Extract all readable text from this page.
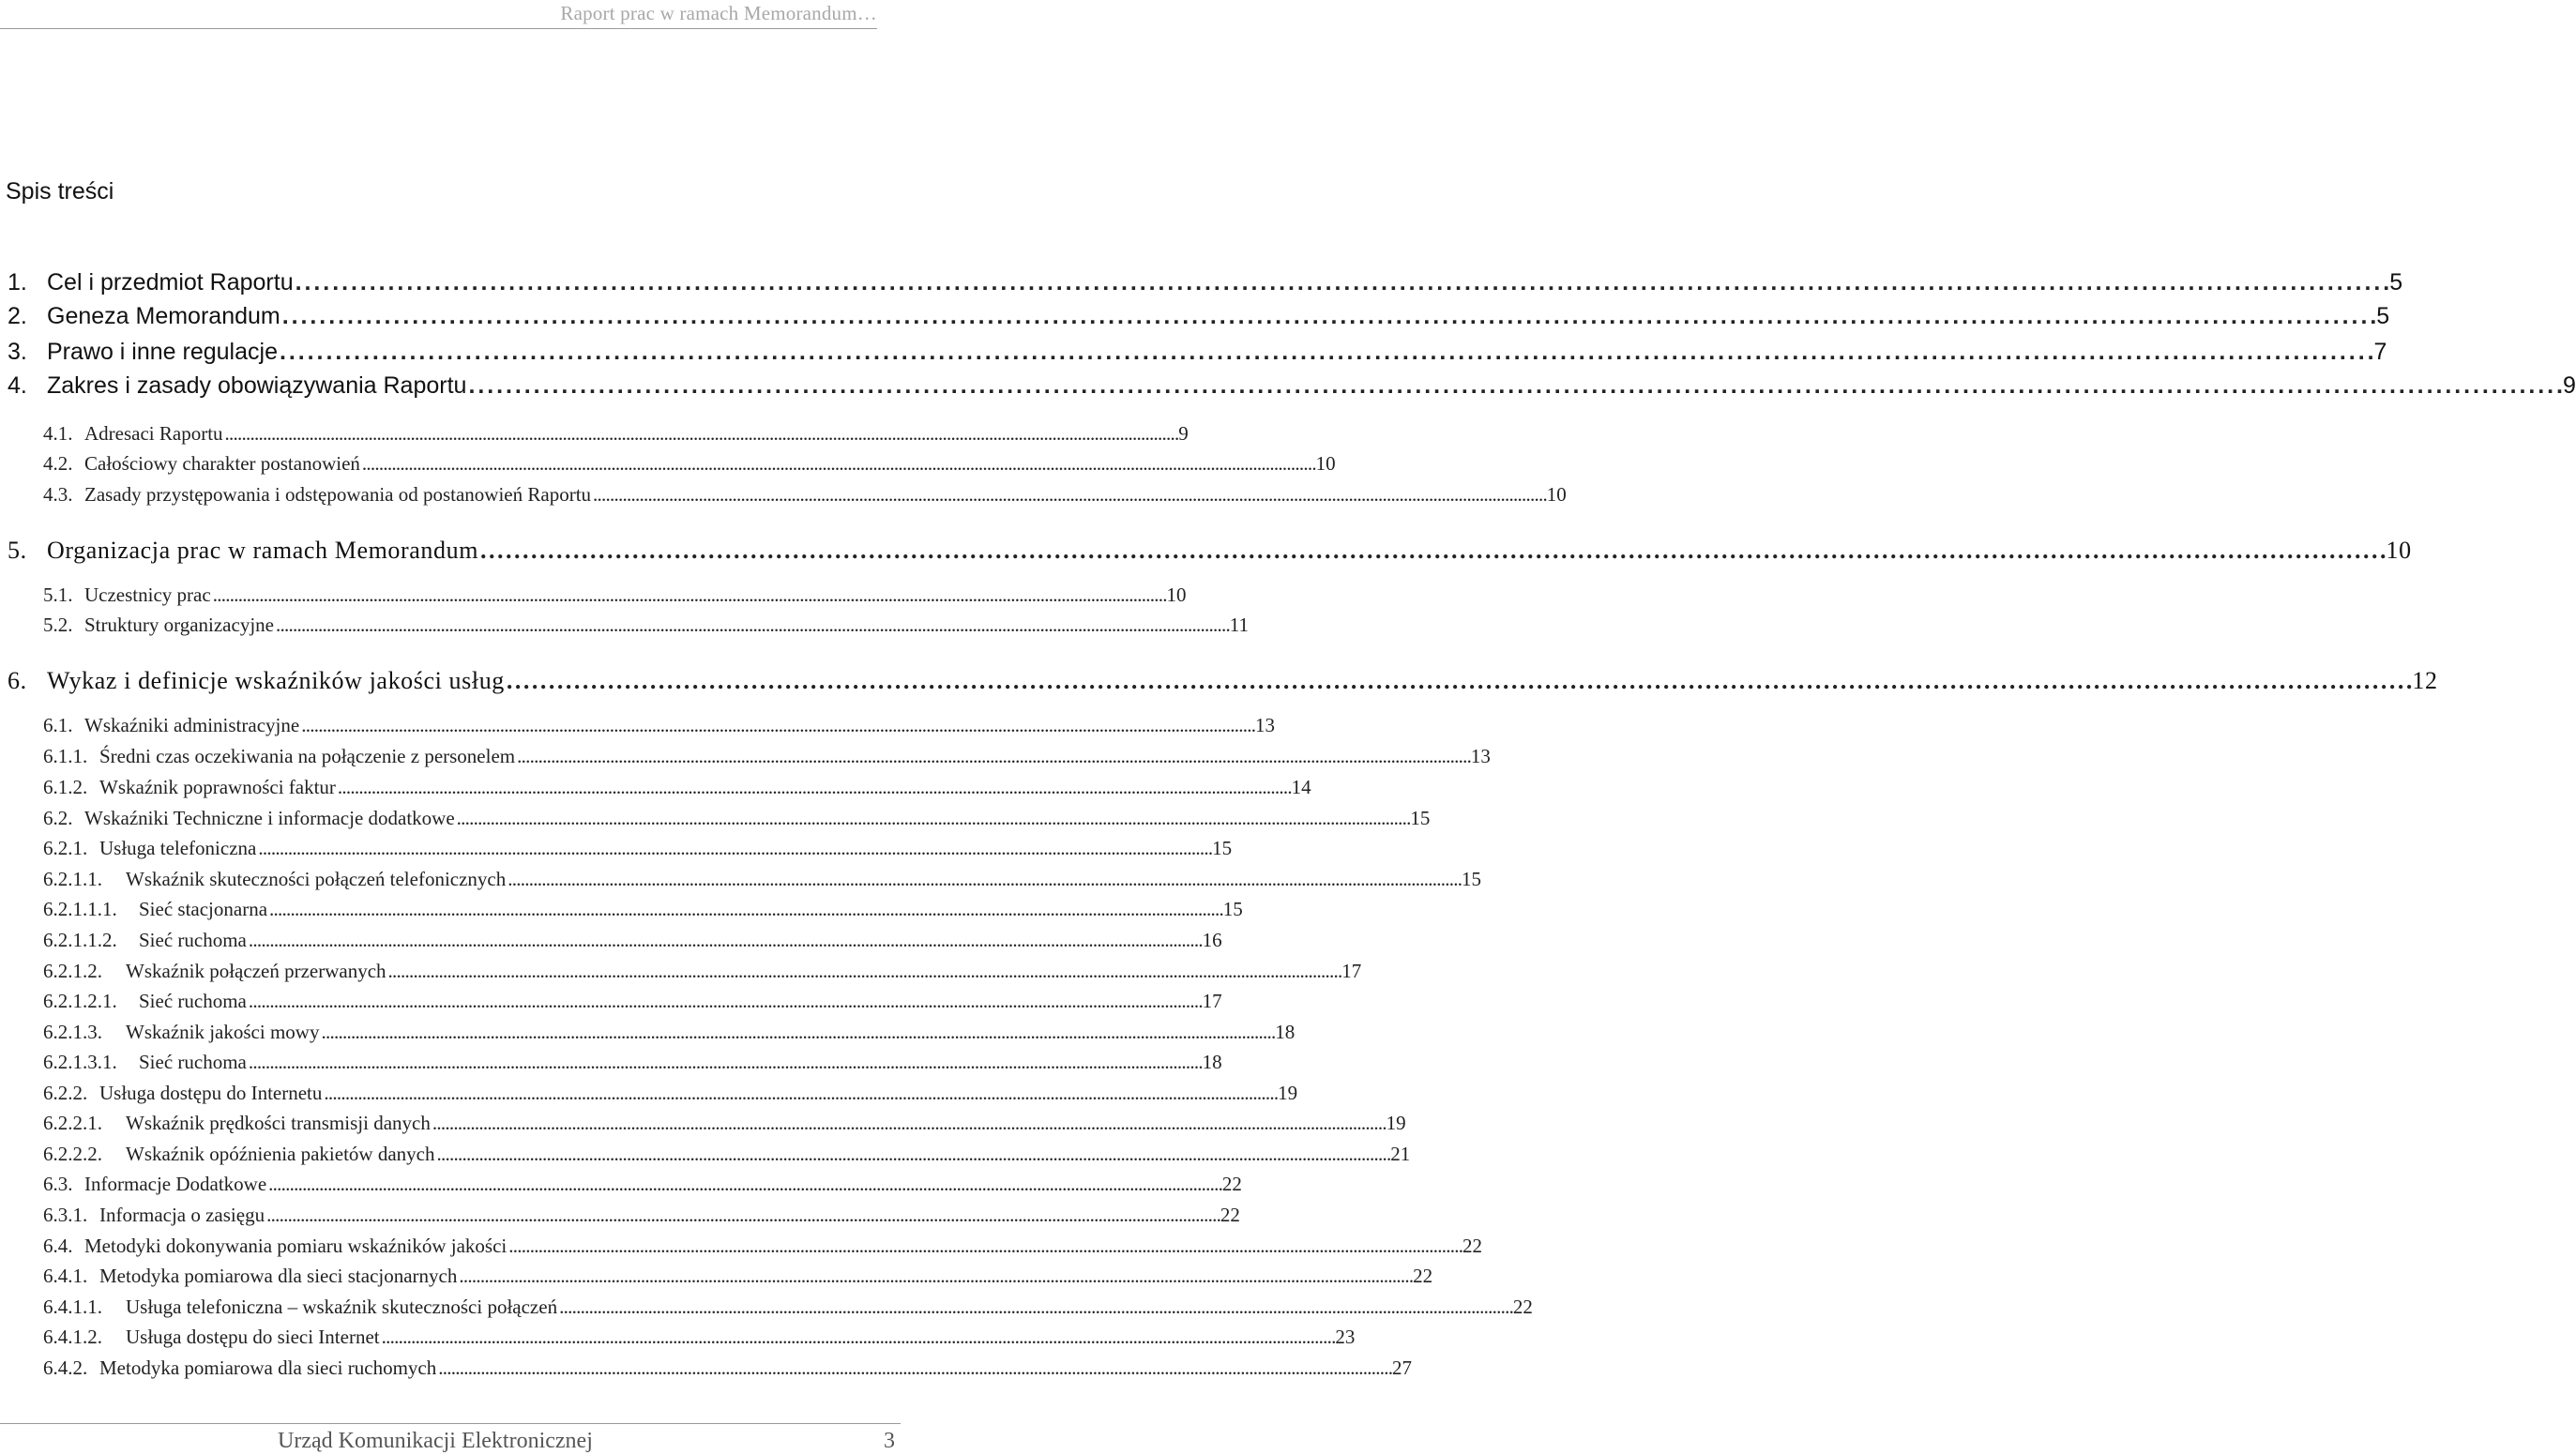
Raport prac w ramach Memorandum…
Spis treści
1. Cel i przedmiot Raportu . . .	5
2. Geneza Memorandum . . .	5
3. Prawo i inne regulacje . . .	7
4. Zakres i zasady obowiązywania Raportu . . .	9
4.1. Adresaci Raportu . . .	9
4.2. Całościowy charakter postanowień . . .	10
4.3. Zasady przystępowania i odstępowania od postanowień Raportu . . .	10
5. Organizacja prac w ramach Memorandum . . .	10
5.1. Uczestnicy prac . . .	10
5.2. Struktury organizacyjne . . .	11
6. Wykaz i definicje wskaźników jakości usług . . .	12
6.1. Wskaźniki administracyjne . . .	13
6.1.1. Średni czas oczekiwania na połączenie z personelem . . .	13
6.1.2. Wskaźnik poprawności faktur . . .	14
6.2. Wskaźniki Techniczne i informacje dodatkowe . . .	15
6.2.1. Usługa telefoniczna . . .	15
6.2.1.1.	Wskaźnik skuteczności połączeń telefonicznych . . .	15
6.2.1.1.1.	Sieć stacjonarna . . .	15
6.2.1.1.2.	Sieć ruchoma . . .	16
6.2.1.2.	Wskaźnik połączeń przerwanych . . .	17
6.2.1.2.1.	Sieć ruchoma . . .	17
6.2.1.3.	Wskaźnik jakości mowy . . .	18
6.2.1.3.1.	Sieć ruchoma . . .	18
6.2.2. Usługa dostępu do Internetu . . .	19
6.2.2.1.	Wskaźnik prędkości transmisji danych . . .	19
6.2.2.2.	Wskaźnik opóźnienia pakietów danych . . .	21
6.3. Informacje Dodatkowe . . .	22
6.3.1. Informacja o zasięgu . . .	22
6.4. Metodyki dokonywania pomiaru wskaźników jakości . . .	22
6.4.1. Metodyka pomiarowa dla sieci stacjonarnych . . .	22
6.4.1.1.	Usługa telefoniczna – wskaźnik skuteczności połączeń . . .	22
6.4.1.2.	Usługa dostępu do sieci Internet . . .	23
6.4.2. Metodyka pomiarowa dla sieci ruchomych . . .	27
Urząd Komunikacji Elektronicznej	3
